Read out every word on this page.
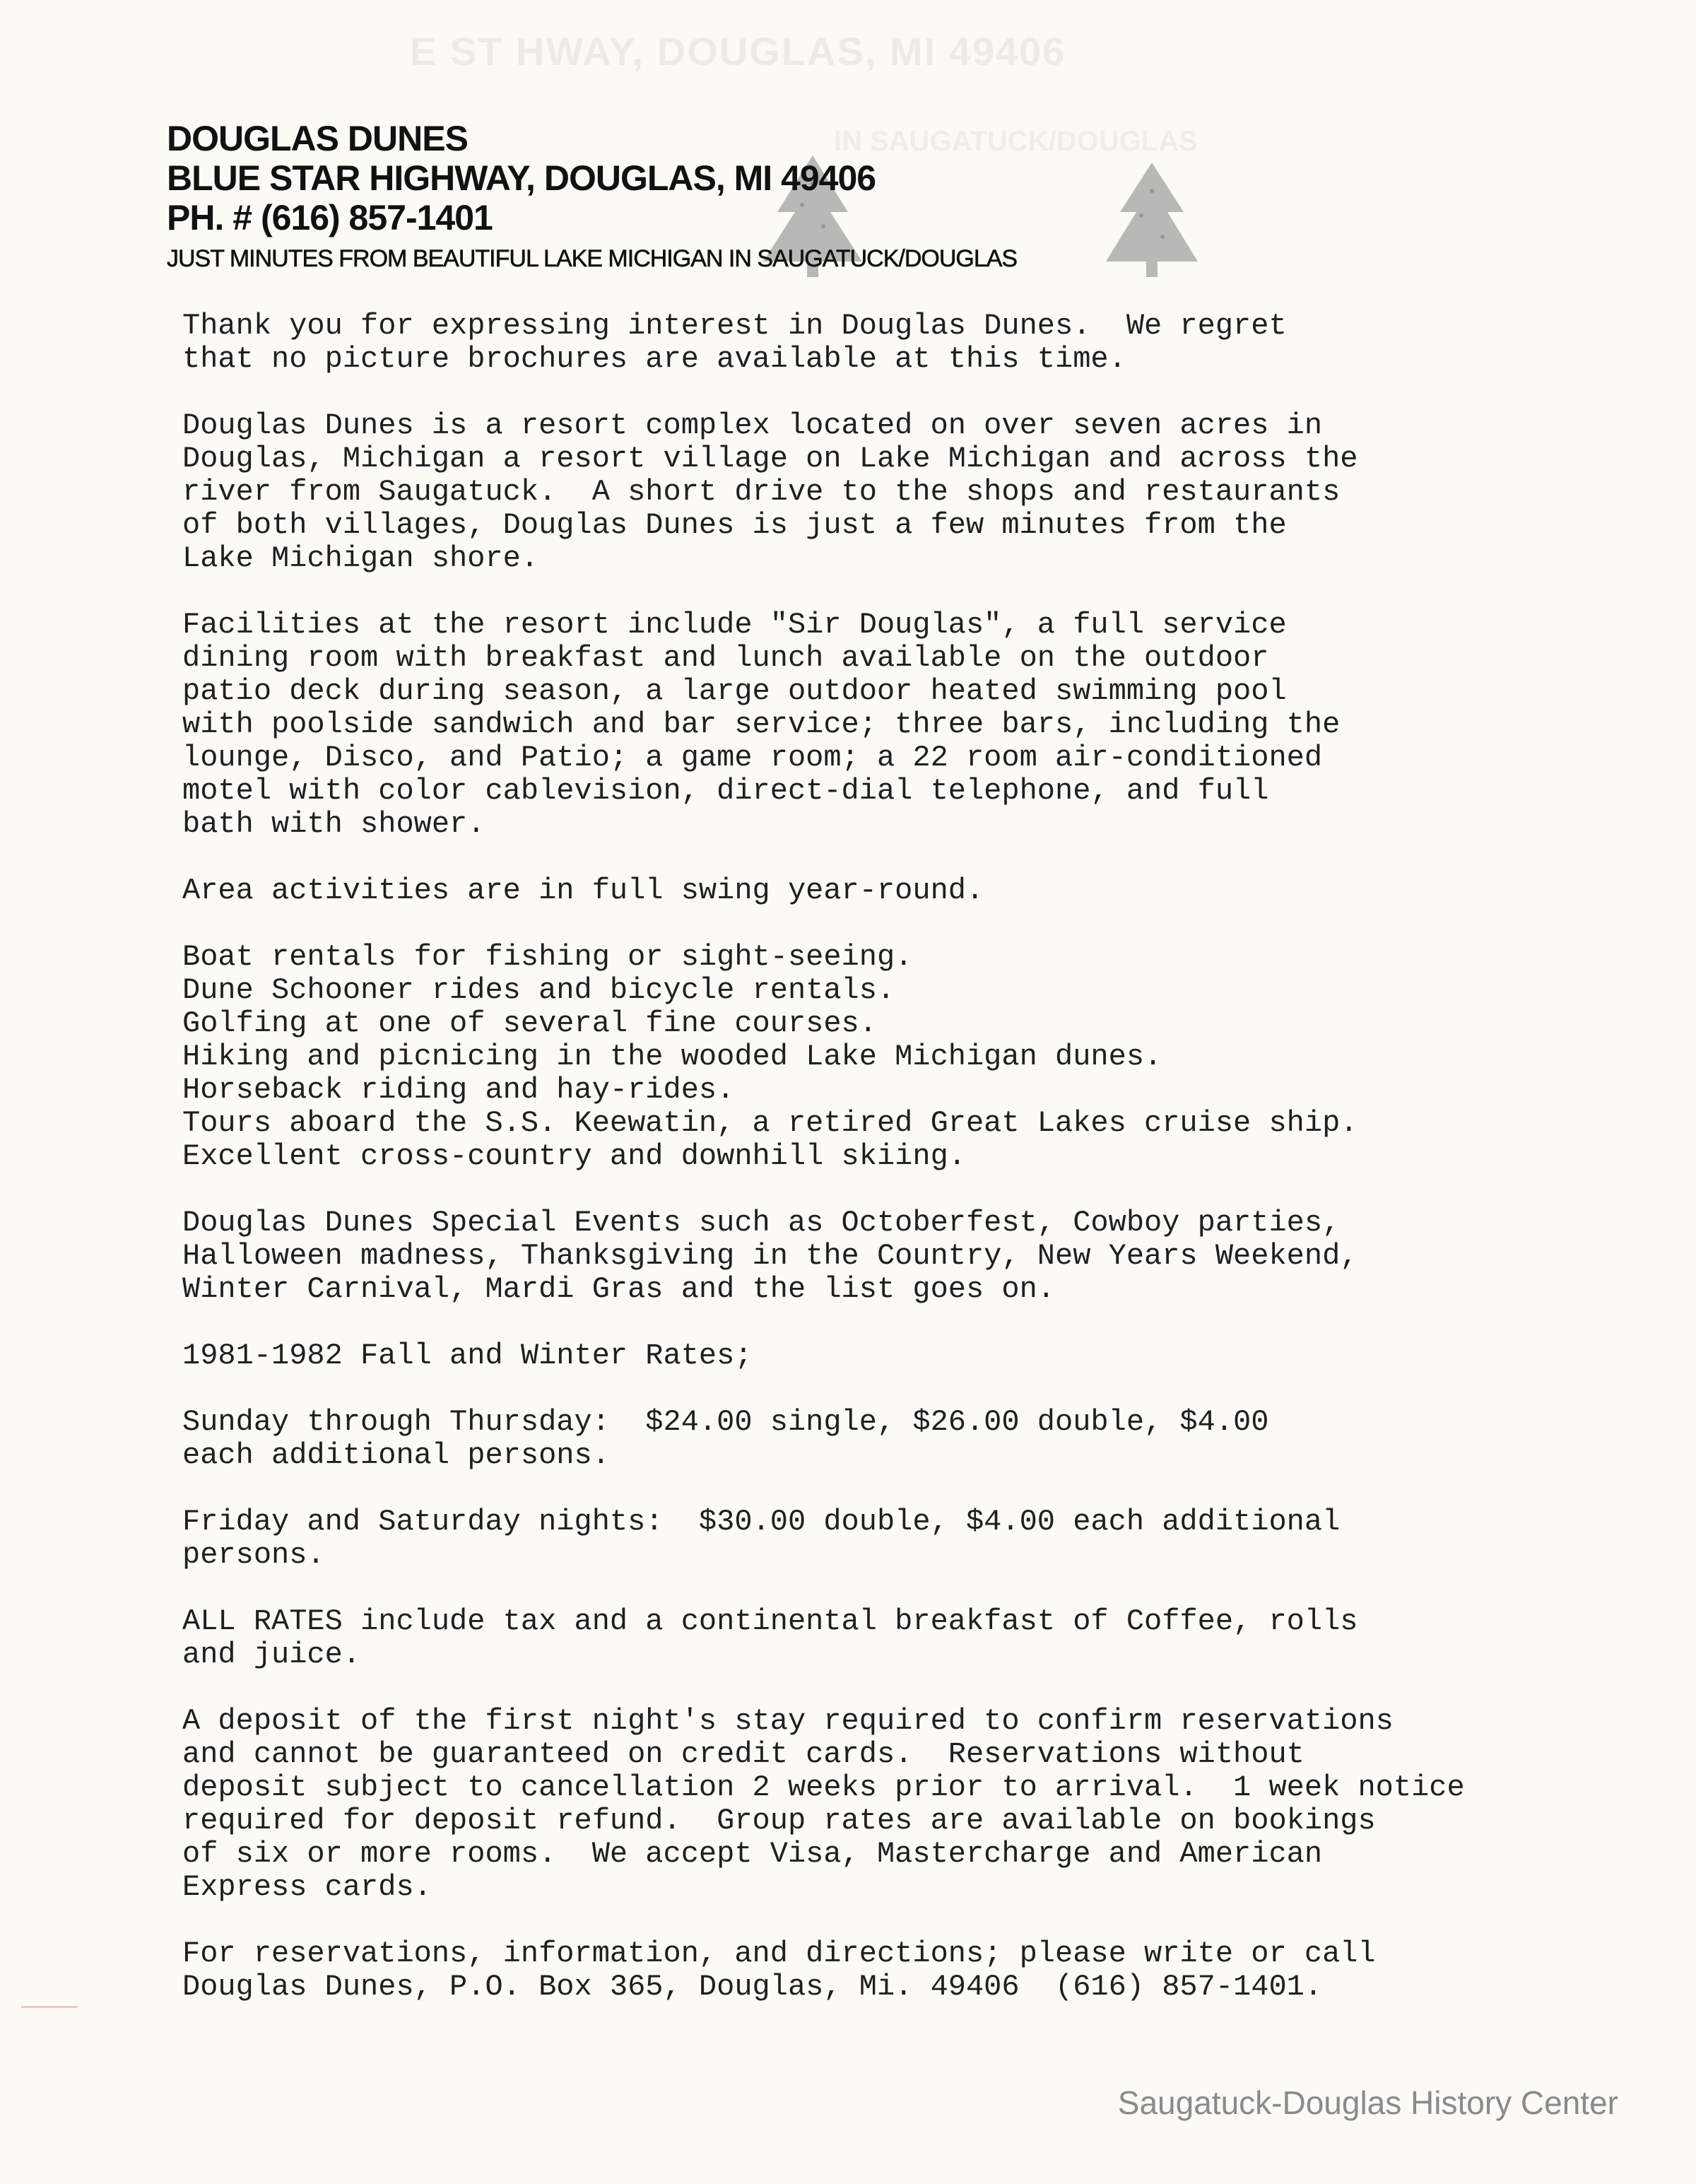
E ST HWAY, DOUGLAS, MI 49406
IN SAUGATUCK/DOUGLAS
DOUGLAS DUNES
BLUE STAR HIGHWAY, DOUGLAS, MI 49406
PH. # (616) 857-1401
JUST MINUTES FROM BEAUTIFUL LAKE MICHIGAN IN SAUGATUCK/DOUGLAS

Thank you for expressing interest in Douglas Dunes.  We regret
that no picture brochures are available at this time.

Douglas Dunes is a resort complex located on over seven acres in
Douglas, Michigan a resort village on Lake Michigan and across the
river from Saugatuck.  A short drive to the shops and restaurants
of both villages, Douglas Dunes is just a few minutes from the
Lake Michigan shore.

Facilities at the resort include "Sir Douglas", a full service
dining room with breakfast and lunch available on the outdoor
patio deck during season, a large outdoor heated swimming pool
with poolside sandwich and bar service; three bars, including the
lounge, Disco, and Patio; a game room; a 22 room air-conditioned
motel with color cablevision, direct-dial telephone, and full
bath with shower.

Area activities are in full swing year-round.

Boat rentals for fishing or sight-seeing.
Dune Schooner rides and bicycle rentals.
Golfing at one of several fine courses.
Hiking and picnicing in the wooded Lake Michigan dunes.
Horseback riding and hay-rides.
Tours aboard the S.S. Keewatin, a retired Great Lakes cruise ship.
Excellent cross-country and downhill skiing.

Douglas Dunes Special Events such as Octoberfest, Cowboy parties,
Halloween madness, Thanksgiving in the Country, New Years Weekend,
Winter Carnival, Mardi Gras and the list goes on.

1981-1982 Fall and Winter Rates;

Sunday through Thursday:  $24.00 single, $26.00 double, $4.00
each additional persons.

Friday and Saturday nights:  $30.00 double, $4.00 each additional
persons.

ALL RATES include tax and a continental breakfast of Coffee, rolls
and juice.

A deposit of the first night's stay required to confirm reservations
and cannot be guaranteed on credit cards.  Reservations without
deposit subject to cancellation 2 weeks prior to arrival.  1 week notice
required for deposit refund.  Group rates are available on bookings
of six or more rooms.  We accept Visa, Mastercharge and American
Express cards.

For reservations, information, and directions; please write or call
Douglas Dunes, P.O. Box 365, Douglas, Mi. 49406  (616) 857-1401.

Saugatuck-Douglas History Center
